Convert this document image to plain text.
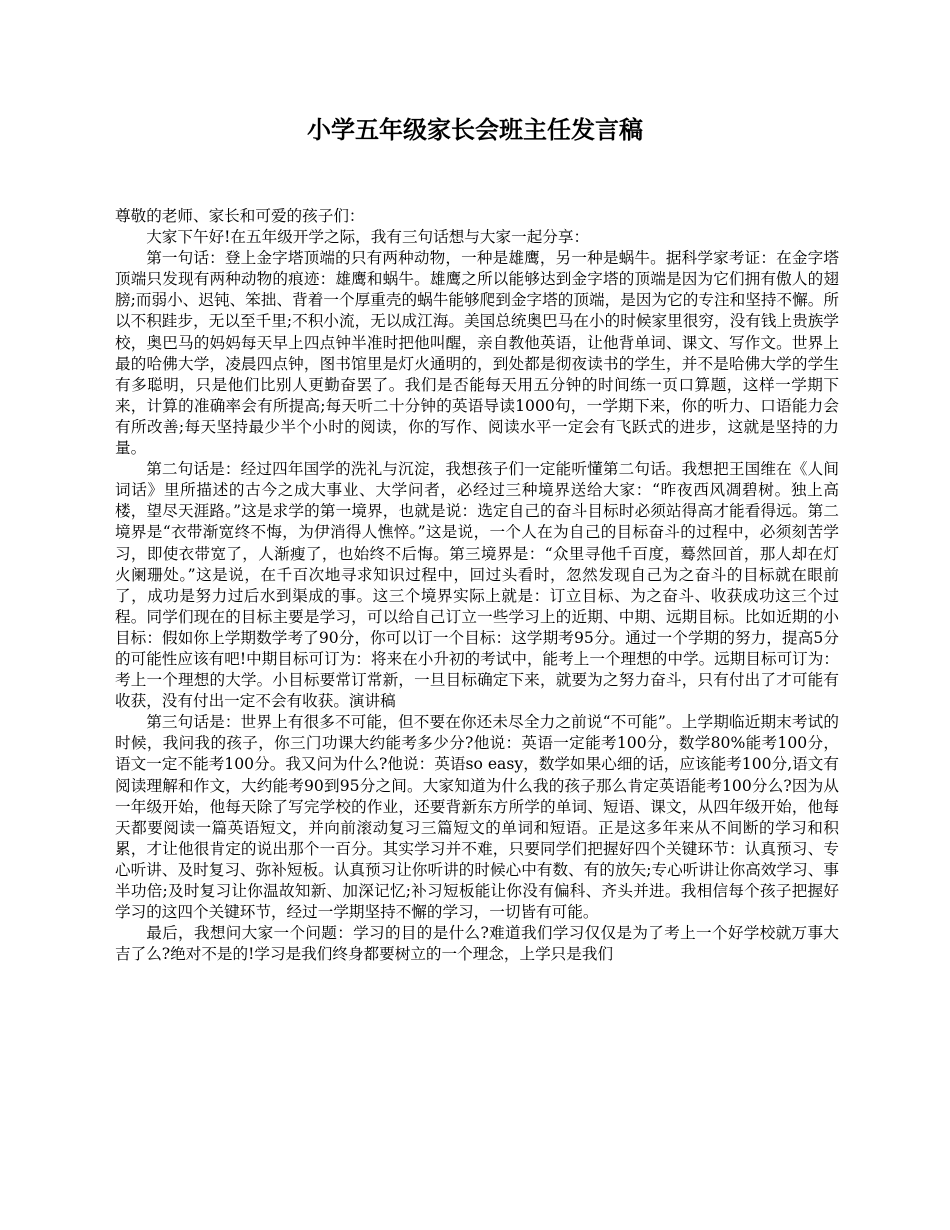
小学五年级家长会班主任发言稿

尊敬的老师、家长和可爱的孩子们：

大家下午好!在五年级开学之际，我有三句话想与大家一起分享：

第一句话：登上金字塔顶端的只有两种动物，一种是雄鹰，另一种是蜗牛。据科学家考证：在金字塔顶端只发现有两种动物的痕迹：雄鹰和蜗牛。雄鹰之所以能够达到金字塔的顶端是因为它们拥有傲人的翅膀;而弱小、迟钝、笨拙、背着一个厚重壳的蜗牛能够爬到金字塔的顶端，是因为它的专注和坚持不懈。所以不积跬步，无以至千里;不积小流，无以成江海。美国总统奥巴马在小的时候家里很穷，没有钱上贵族学校，奥巴马的妈妈每天早上四点钟半准时把他叫醒，亲自教他英语，让他背单词、课文、写作文。世界上最的哈佛大学，凌晨四点钟，图书馆里是灯火通明的，到处都是彻夜读书的学生，并不是哈佛大学的学生有多聪明，只是他们比别人更勤奋罢了。我们是否能每天用五分钟的时间练一页口算题，这样一学期下来，计算的准确率会有所提高;每天听二十分钟的英语导读1000句，一学期下来，你的听力、口语能力会有所改善;每天坚持最少半个小时的阅读，你的写作、阅读水平一定会有飞跃式的进步，这就是坚持的力量。

第二句话是：经过四年国学的洗礼与沉淀，我想孩子们一定能听懂第二句话。我想把王国维在《人间词话》里所描述的古今之成大事业、大学问者，必经过三种境界送给大家：“昨夜西风凋碧树。独上高楼，望尽天涯路。”这是求学的第一境界，也就是说：选定自己的奋斗目标时必须站得高才能看得远。第二境界是“衣带渐宽终不悔，为伊消得人憔悴。”这是说，一个人在为自己的目标奋斗的过程中，必须刻苦学习，即使衣带宽了，人渐瘦了，也始终不后悔。第三境界是：“众里寻他千百度，蓦然回首，那人却在灯火阑珊处。”这是说，在千百次地寻求知识过程中，回过头看时，忽然发现自己为之奋斗的目标就在眼前了，成功是努力过后水到渠成的事。这三个境界实际上就是：订立目标、为之奋斗、收获成功这三个过程。同学们现在的目标主要是学习，可以给自己订立一些学习上的近期、中期、远期目标。比如近期的小目标：假如你上学期数学考了90分，你可以订一个目标：这学期考95分。通过一个学期的努力，提高5分的可能性应该有吧!中期目标可订为：将来在小升初的考试中，能考上一个理想的中学。远期目标可订为：考上一个理想的大学。小目标要常订常新，一旦目标确定下来，就要为之努力奋斗，只有付出了才可能有收获，没有付出一定不会有收获。演讲稿

第三句话是：世界上有很多不可能，但不要在你还未尽全力之前说“不可能”。上学期临近期末考试的时候，我问我的孩子，你三门功课大约能考多少分?他说：英语一定能考100分，数学80%能考100分，语文一定不能考100分。我又问为什么?他说：英语so easy，数学如果心细的话，应该能考100分,语文有阅读理解和作文，大约能考90到95分之间。大家知道为什么我的孩子那么肯定英语能考100分么?因为从一年级开始，他每天除了写完学校的作业，还要背新东方所学的单词、短语、课文，从四年级开始，他每天都要阅读一篇英语短文，并向前滚动复习三篇短文的单词和短语。正是这多年来从不间断的学习和积累，才让他很肯定的说出那个一百分。其实学习并不难，只要同学们把握好四个关键环节：认真预习、专心听讲、及时复习、弥补短板。认真预习让你听讲的时候心中有数、有的放矢;专心听讲让你高效学习、事半功倍;及时复习让你温故知新、加深记忆;补习短板能让你没有偏科、齐头并进。我相信每个孩子把握好学习的这四个关键环节，经过一学期坚持不懈的学习，一切皆有可能。

最后，我想问大家一个问题：学习的目的是什么?难道我们学习仅仅是为了考上一个好学校就万事大吉了么?绝对不是的!学习是我们终身都要树立的一个理念，上学只是我们
